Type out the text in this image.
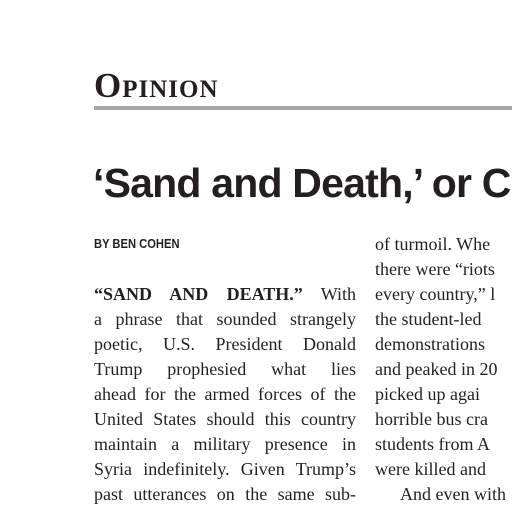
Opinion
‘Sand and Death,’ or C
BY BEN COHEN
“SAND AND DEATH.” With
a phrase that sounded strangely
poetic, U.S. President Donald
Trump prophesied what lies
ahead for the armed forces of the
United States should this country
maintain a military presence in
Syria indefinitely. Given Trump’s
past utterances on the same sub-
of turmoil. Whe
there were “riots
every country,” l
the student-led
demonstrations
and peaked in 20
picked up agai
horrible bus cra
students from A
were killed and
And even with
